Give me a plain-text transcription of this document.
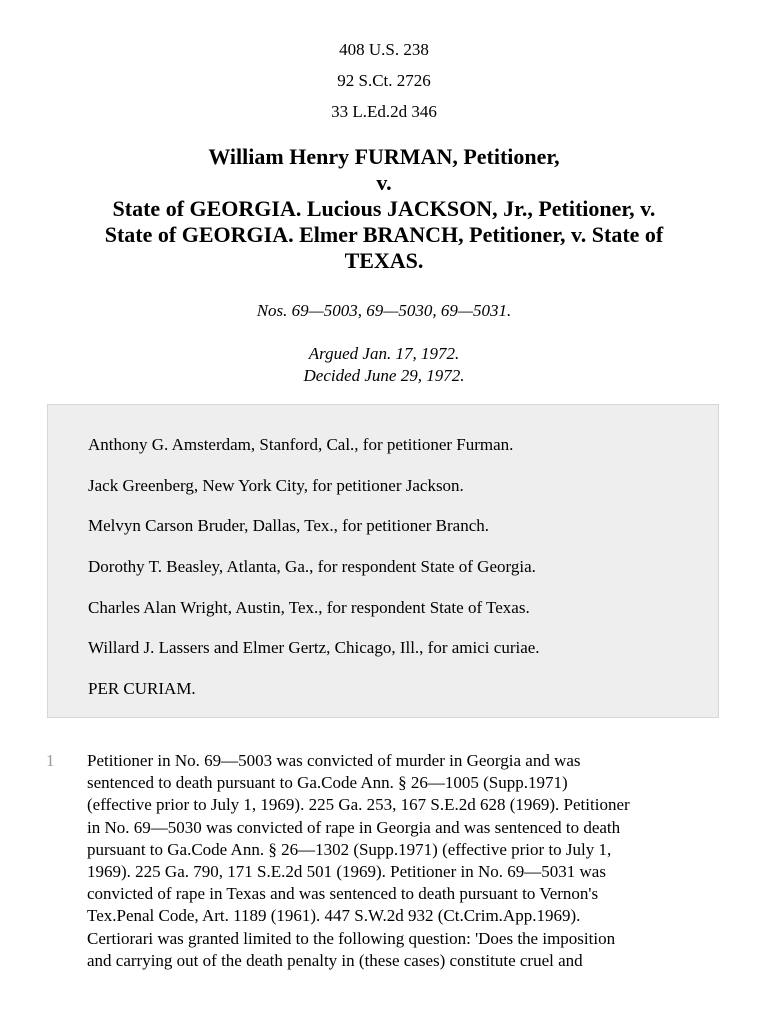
408 U.S. 238
92 S.Ct. 2726
33 L.Ed.2d 346
William Henry FURMAN, Petitioner,
v.
State of GEORGIA. Lucious JACKSON, Jr., Petitioner, v.
State of GEORGIA. Elmer BRANCH, Petitioner, v. State of
TEXAS.
Nos. 69—5003, 69—5030, 69—5031.
Argued Jan. 17, 1972.
Decided June 29, 1972.
Anthony G. Amsterdam, Stanford, Cal., for petitioner Furman.
Jack Greenberg, New York City, for petitioner Jackson.
Melvyn Carson Bruder, Dallas, Tex., for petitioner Branch.
Dorothy T. Beasley, Atlanta, Ga., for respondent State of Georgia.
Charles Alan Wright, Austin, Tex., for respondent State of Texas.
Willard J. Lassers and Elmer Gertz, Chicago, Ill., for amici curiae.
PER CURIAM.
1 Petitioner in No. 69—5003 was convicted of murder in Georgia and was
sentenced to death pursuant to Ga.Code Ann. § 26—1005 (Supp.1971)
(effective prior to July 1, 1969). 225 Ga. 253, 167 S.E.2d 628 (1969). Petitioner
in No. 69—5030 was convicted of rape in Georgia and was sentenced to death
pursuant to Ga.Code Ann. § 26—1302 (Supp.1971) (effective prior to July 1,
1969). 225 Ga. 790, 171 S.E.2d 501 (1969). Petitioner in No. 69—5031 was
convicted of rape in Texas and was sentenced to death pursuant to Vernon's
Tex.Penal Code, Art. 1189 (1961). 447 S.W.2d 932 (Ct.Crim.App.1969).
Certiorari was granted limited to the following question: 'Does the imposition
and carrying out of the death penalty in (these cases) constitute cruel and
